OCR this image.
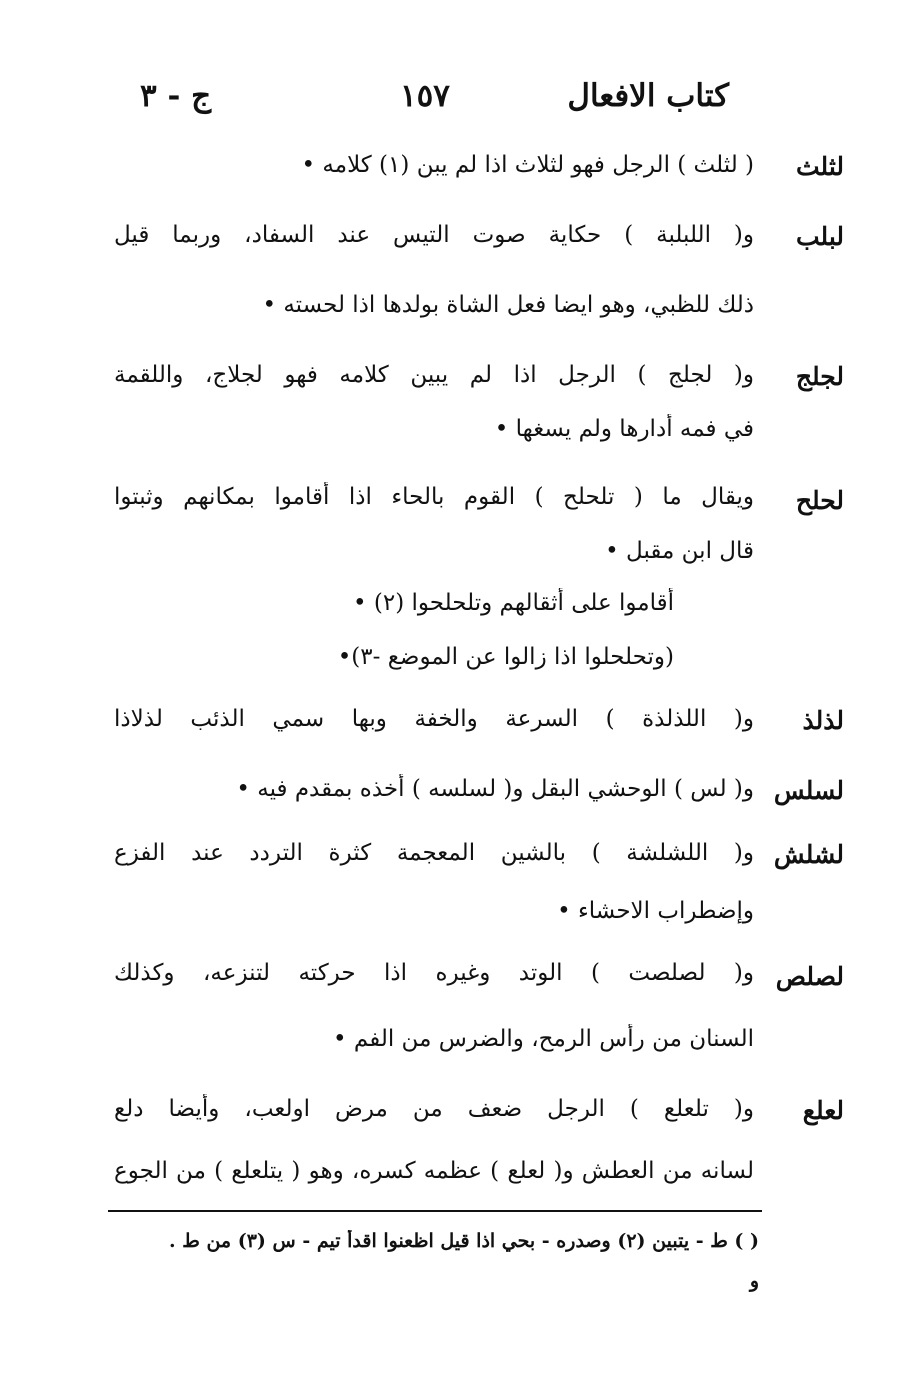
كتاب الافعال
١٥٧
ج - ٣
لثلث
( لثلث ) الرجل فهو لثلاث اذا لم يبن (١) كلامه •
لبلب
و( اللبلبة ) حكاية صوت التيس عند السفاد، وربما قيل
ذلك للظبي، وهو ايضا فعل الشاة بولدها اذا لحسته •
لجلج
و( لجلج ) الرجل اذا لم يبين كلامه فهو لجلاج، واللقمة
في فمه أدارها ولم يسغها •
لحلح
ويقال ما ( تلحلح ) القوم بالحاء اذا أقاموا بمكانهم وثبتوا
قال ابن مقبل •
أقاموا على أثقالهم وتلحلحوا (٢) •
(وتحلحلوا اذا زالوا عن الموضع -٣)•
لذلذ
و( اللذلذة ) السرعة والخفة وبها سمي الذئب لذلاذا
لسلس
و( لس ) الوحشي البقل و( لسلسه ) أخذه بمقدم فيه •
لشلش
و( اللشلشة ) بالشين المعجمة كثرة التردد عند الفزع
وإضطراب الاحشاء •
لصلص
و( لصلصت ) الوتد وغيره اذا حركته لتنزعه، وكذلك
السنان من رأس الرمح، والضرس من الفم •
لعلع
و( تلعلع ) الرجل ضعف من مرض اولعب، وأيضا دلع
لسانه من العطش و( لعلع ) عظمه كسره، وهو ( يتلعلع ) من الجوع
( ) ط - يتبين (٢) وصدره - بحي اذا قيل اظعنوا اقدأ تيم - س (٣) من ط .
و
